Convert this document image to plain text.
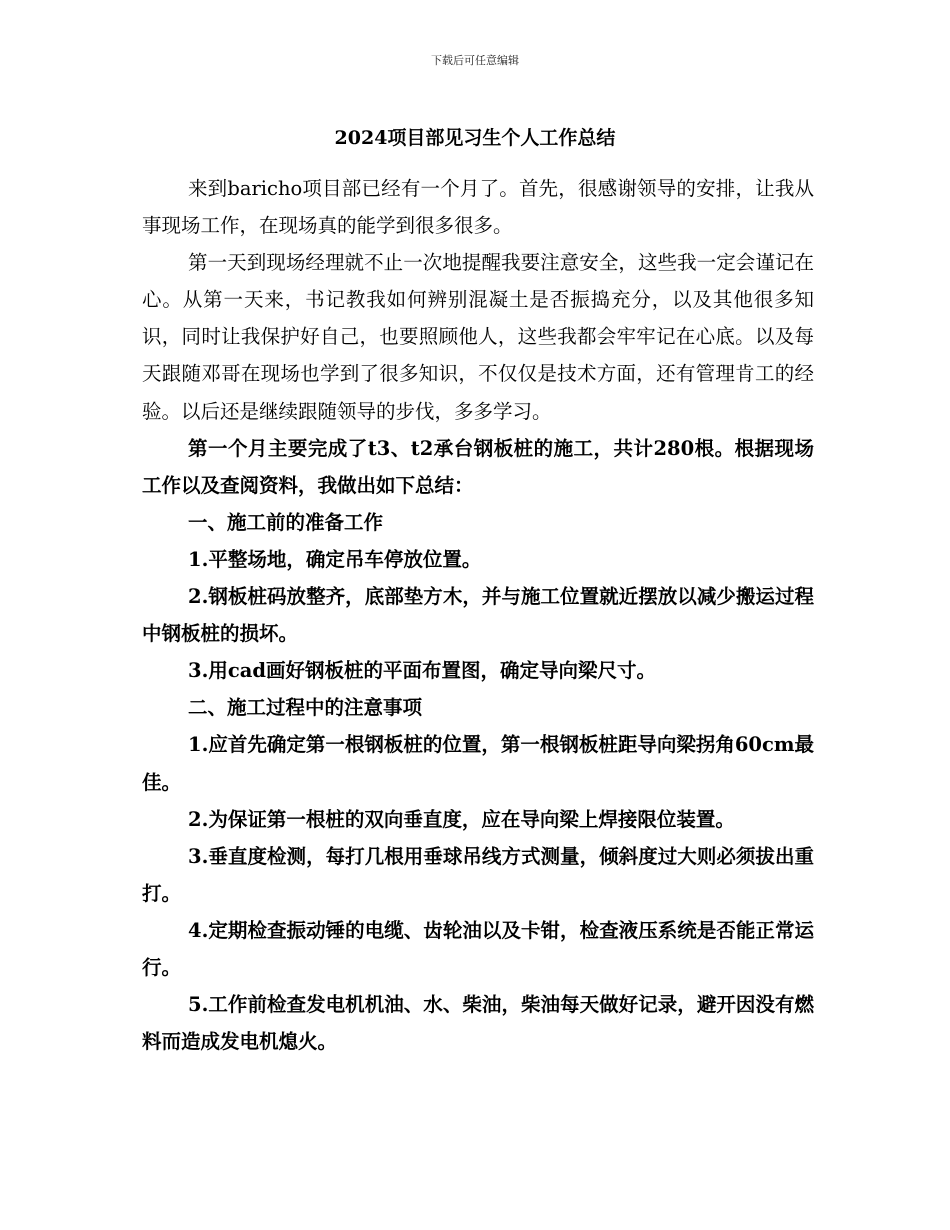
下载后可任意编辑
2024项目部见习生个人工作总结

来到baricho项目部已经有一个月了。首先，很感谢领导的安排，让我从事现场工作，在现场真的能学到很多很多。

第一天到现场经理就不止一次地提醒我要注意安全，这些我一定会谨记在心。从第一天来，书记教我如何辨别混凝土是否振捣充分，以及其他很多知识，同时让我保护好自己，也要照顾他人，这些我都会牢牢记在心底。以及每天跟随邓哥在现场也学到了很多知识，不仅仅是技术方面，还有管理肯工的经验。以后还是继续跟随领导的步伐，多多学习。

第一个月主要完成了t3、t2承台钢板桩的施工，共计280根。根据现场工作以及查阅资料，我做出如下总结：

一、施工前的准备工作

1.平整场地，确定吊车停放位置。

2.钢板桩码放整齐，底部垫方木，并与施工位置就近摆放以减少搬运过程中钢板桩的损坏。

3.用cad画好钢板桩的平面布置图，确定导向梁尺寸。

二、施工过程中的注意事项

1.应首先确定第一根钢板桩的位置，第一根钢板桩距导向梁拐角60cm最佳。

2.为保证第一根桩的双向垂直度，应在导向梁上焊接限位装置。

3.垂直度检测，每打几根用垂球吊线方式测量，倾斜度过大则必须拔出重打。

4.定期检查振动锤的电缆、齿轮油以及卡钳，检查液压系统是否能正常运行。

5.工作前检查发电机机油、水、柴油，柴油每天做好记录，避开因没有燃料而造成发电机熄火。
